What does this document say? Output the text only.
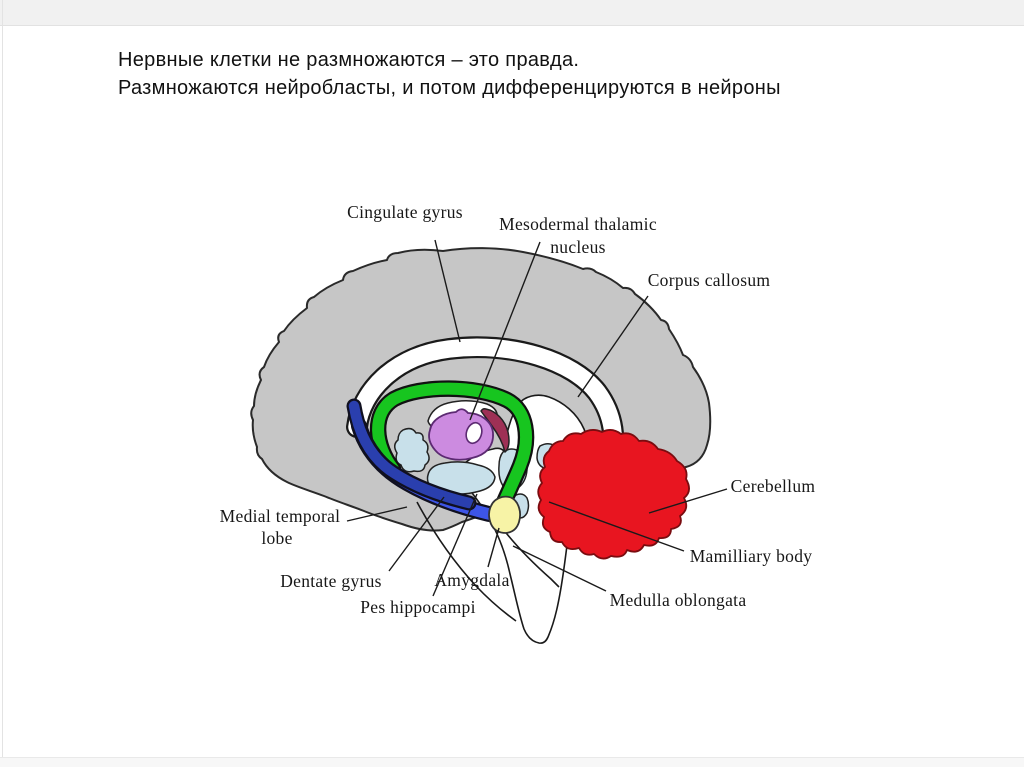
Нервные клетки не размножаются – это правда.
Размножаются нейробласты, и потом дифференцируются в нейроны
Cingulate gyrus
Mesodermal thalamic
nucleus
Corpus callosum
Cerebellum
Mamilliary body
Medulla oblongata
Medial temporal
lobe
Dentate gyrus	Amygdala
Pes hippocampi
